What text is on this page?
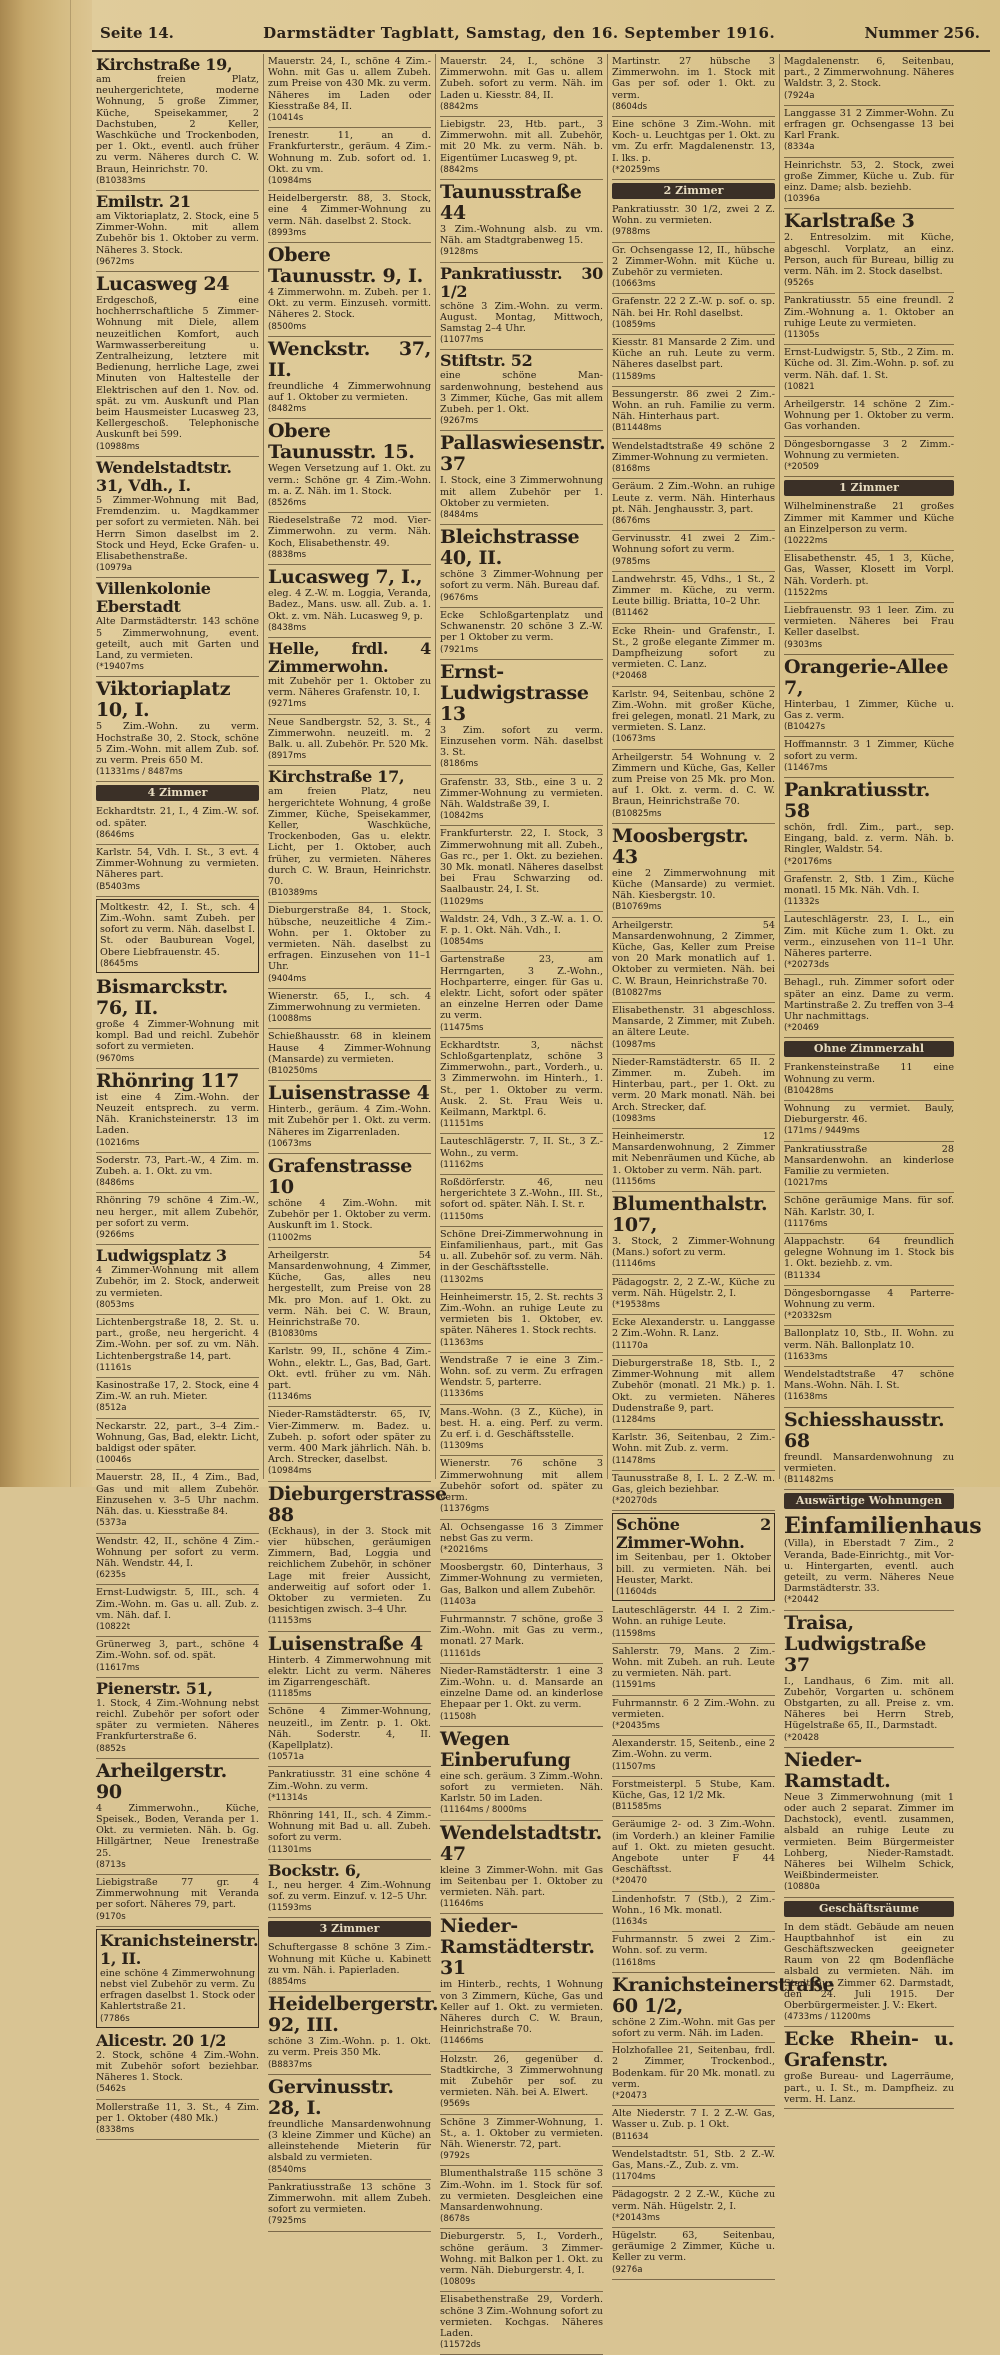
Seite 14.	Darmstädter Tagblatt, Samstag, den 16. September 1916.	Nummer 256.
Kirchstraße 19,
am freien Platz, neuhergerichtete, moderne Wohnung, 5 große Zimmer, Küche, Speisekammer, 2 Dachstuben, 2 Keller, Waschküche und Trockenboden, per 1. Okt., eventl. auch früher zu verm. Näheres durch C. W. Braun, Heinrichstr. 70.
(B10383ms
Emilstr. 21
am Viktoriaplatz, 2. Stock, eine 5 Zimmer-Wohn. mit allem Zubehör bis 1. Oktober zu verm. Näheres 3. Stock.
(9672ms
Lucasweg 24
Erdgeschoß, eine hochherrschaftliche 5 Zimmer-Wohnung mit Diele, allem neuzeitlichen Komfort, auch Warmwasserbereitung u. Zentralheizung, letztere mit Bedienung, herrliche Lage, zwei Minuten von Haltestelle der Elektrischen auf den 1. Nov. od. spät. zu vm. Auskunft und Plan beim Hausmeister Lucasweg 23, Kellergeschoß. Telephonische Auskunft bei 599.
(10988ms
Wendelstadtstr. 31, Vdh., I.
5 Zimmer-Wohnung mit Bad, Fremdenzim. u. Magdkammer per sofort zu vermieten. Näh. bei Herrn Simon daselbst im 2. Stock und Heyd, Ecke Grafen- u. Elisabethenstraße.
(10979a
Villenkolonie Eberstadt
Alte Darmstädterstr. 143 schöne 5 Zimmerwohnung, event. geteilt, auch mit Garten und Land, zu vermieten.
(*19407ms
Viktoriaplatz 10, I.
5 Zim.-Wohn. zu verm. Hochstraße 30, 2. Stock, schöne 5 Zim.-Wohn. mit allem Zub. sof. zu verm. Preis 650 M.
(11331ms / 8487ms
4 Zimmer
Eckhardtstr. 21, I., 4 Zim.-W. sof. od. später.
(8646ms
Karlstr. 54, Vdh. I. St., 3 evt. 4 Zimmer-Wohnung zu vermieten. Näheres part.
(B5403ms
Moltkestr. 42, I. St., sch. 4 Zim.-Wohn. samt Zubeh. per sofort zu verm. Näh. daselbst I. St. oder Bauburean Vogel, Obere Liebfrauenstr. 45.
(8645ms
Bismarckstr. 76, II.
große 4 Zimmer-Wohnung mit kompl. Bad und reichl. Zubehör sofort zu vermieten.
(9670ms
Rhönring 117
ist eine 4 Zim.-Wohn. der Neuzeit entsprech. zu verm. Näh. Kranichsteinerstr. 13 im Laden.
(10216ms
Soderstr. 73, Part.-W., 4 Zim. m. Zubeh. a. 1. Okt. zu vm.
(8486ms
Rhönring 79 schöne 4 Zim.-W., neu herger., mit allem Zubehör, per sofort zu verm.
(9266ms
Ludwigsplatz 3
4 Zimmer-Wohnung mit allem Zubehör, im 2. Stock, anderweit zu vermieten.
(8053ms
Lichtenbergstraße 18, 2. St. u. part., große, neu hergericht. 4 Zim.-Wohn. per sof. zu vm. Näh. Lichtenbergstraße 14, part.
(11161s
Kasinostraße 17, 2. Stock, eine 4 Zim.-W. an ruh. Mieter.
(8512a
Neckarstr. 22, part., 3–4 Zim.-Wohnung, Gas, Bad, elektr. Licht, baldigst oder später.
(10046s
Mauerstr. 28, II., 4 Zim., Bad, Gas und mit allem Zubehör. Einzusehen v. 3–5 Uhr nachm. Näh. das. u. Kiesstraße 84.
(5373a
Wendstr. 42, II., schöne 4 Zim.-Wohnung per sofort zu verm. Näh. Wendstr. 44, I.
(6235s
Ernst-Ludwigstr. 5, III., sch. 4 Zim.-Wohn. m. Gas u. all. Zub. z. vm. Näh. daf. I.
(10822t
Grünerweg 3, part., schöne 4 Zim.-Wohn. sof. od. spät.
(11617ms
Pienerstr. 51,
1. Stock, 4 Zim.-Wohnung nebst reichl. Zubehör per sofort oder später zu vermieten. Näheres Frankfurterstraße 6.
(8852s
Arheilgerstr. 90
4 Zimmerwohn., Küche, Speisek., Boden, Veranda per 1. Okt. zu vermieten. Näh. b. Gg. Hillgärtner, Neue Irenestraße 25.
(8713s
Liebigstraße 77 gr. 4 Zimmerwohnung mit Veranda per sofort. Näheres 79, part.
(9170s
Kranichsteinerstr. 1, II.
eine schöne 4 Zimmerwohnung nebst viel Zubehör zu verm. Zu erfragen daselbst 1. Stock oder Kahlertstraße 21.
(7786s
Alicestr. 20 1/2
2. Stock, schöne 4 Zim.-Wohn. mit Zubehör sofort beziehbar. Näheres 1. Stock.
(5462s
Mollerstraße 11, 3. St., 4 Zim. per 1. Oktober (480 Mk.)
(8338ms
Mauerstr. 24, I., schöne 4 Zim.-Wohn. mit Gas u. allem Zubeh. zum Preise von 430 Mk. zu verm. Näheres im Laden oder Kiesstraße 84, II.
(10414s
Irenestr. 11, an d. Frankfurterstr., geräum. 4 Zim.-Wohnung m. Zub. sofort od. 1. Okt. zu vm.
(10984ms
Heidelbergerstr. 88, 3. Stock, eine 4 Zimmer-Wohnung zu verm. Näh. daselbst 2. Stock.
(8993ms
Obere Taunusstr. 9, I.
4 Zimmerwohn. m. Zubeh. per 1. Okt. zu verm. Einzuseh. vormitt. Näheres 2. Stock.
(8500ms
Wenckstr. 37, II.
freundliche 4 Zimmerwohnung auf 1. Oktober zu vermieten.
(8482ms
Obere Taunusstr. 15.
Wegen Versetzung auf 1. Okt. zu verm.: Schöne gr. 4 Zim.-Wohn. m. a. Z. Näh. im 1. Stock.
(8526ms
Riedeselstraße 72 mod. Vier-Zimmerwohn. zu verm. Näh. Koch, Elisabethenstr. 49.
(8838ms
Lucasweg 7, I.,
eleg. 4 Z.-W. m. Loggia, Veranda, Badez., Mans. usw. all. Zub. a. 1. Okt. z. vm. Näh. Lucasweg 9, p.
(8438ms
Helle, frdl. 4 Zimmerwohn.
mit Zubehör per 1. Oktober zu verm. Näheres Grafenstr. 10, I.
(9271ms
Neue Sandbergstr. 52, 3. St., 4 Zimmerwohn. neuzeitl. m. 2 Balk. u. all. Zubehör. Pr. 520 Mk.
(8917ms
Kirchstraße 17,
am freien Platz, neu hergerichtete Wohnung, 4 große Zimmer, Küche, Speisekammer, Keller, Waschküche, Trockenboden, Gas u. elektr. Licht, per 1. Oktober, auch früher, zu vermieten. Näheres durch C. W. Braun, Heinrichstr. 70.
(B10389ms
Dieburgerstraße 84, 1. Stock, hübsche, neuzeitliche 4 Zim.-Wohn. per 1. Oktober zu vermieten. Näh. daselbst zu erfragen. Einzusehen von 11–1 Uhr.
(9404ms
Wienerstr. 65, I., sch. 4 Zimmerwohnung zu vermieten.
(10088ms
Schießhausstr. 68 in kleinem Hause 4 Zimmer-Wohnung (Mansarde) zu vermieten.
(B10250ms
Luisenstrasse 4
Hinterb., geräum. 4 Zim.-Wohn. mit Zubehör per 1. Okt. zu verm. Näheres im Zigarrenladen.
(10673ms
Grafenstrasse 10
schöne 4 Zim.-Wohn. mit Zubehör per 1. Oktober zu verm. Auskunft im 1. Stock.
(11002ms
Arheilgerstr. 54 Mansardenwohnung, 4 Zimmer, Küche, Gas, alles neu hergestellt, zum Preise von 28 Mk. pro Mon. auf 1. Okt. zu verm. Näh. bei C. W. Braun, Heinrichstraße 70.
(B10830ms
Karlstr. 99, II., schöne 4 Zim.-Wohn., elektr. L., Gas, Bad, Gart. Okt. evtl. früher zu vm. Näh. part.
(11346ms
Nieder-Ramstädterstr. 65, IV, Vier-Zimmerw. m. Badez. u. Zubeh. p. sofort oder später zu verm. 400 Mark jährlich. Näh. b. Arch. Strecker, daselbst.
(10984ms
Dieburgerstrasse 88
(Eckhaus), in der 3. Stock mit vier hübschen, geräumigen Zimmern, Bad, Loggia und reichlichem Zubehör, in schöner Lage mit freier Aussicht, anderweitig auf sofort oder 1. Oktober zu vermieten. Zu besichtigen zwisch. 3–4 Uhr.
(11153ms
Luisenstraße 4
Hinterb. 4 Zimmerwohnung mit elektr. Licht zu verm. Näheres im Zigarrengeschäft.
(11185ms
Schöne 4 Zimmer-Wohnung, neuzeitl., im Zentr. p. 1. Okt. Näh. Soderstr. 4, II. (Kapellplatz).
(10571a
Pankratiusstr. 31 eine schöne 4 Zim.-Wohn. zu verm.
(*11314s
Rhönring 141, II., sch. 4 Zimm.-Wohnung mit Bad u. all. Zubeh. sofort zu verm.
(11301ms
Bockstr. 6,
I., neu herger. 4 Zim.-Wohnung sof. zu verm. Einzuf. v. 12–5 Uhr.
(11593ms
3 Zimmer
Schuftergasse 8 schöne 3 Zim.-Wohnung mit Küche u. Kabinett zu vm. Näh. i. Papierladen.
(8854ms
Heidelbergerstr. 92, III.
schöne 3 Zim.-Wohn. p. 1. Okt. zu verm. Preis 350 Mk.
(B8837ms
Gervinusstr. 28, I.
freundliche Mansardenwohnung (3 kleine Zimmer und Küche) an alleinstehende Mieterin für alsbald zu vermieten.
(8540ms
Pankratiusstraße 13 schöne 3 Zimmerwohn. mit allem Zubeh. sofort zu vermieten.
(7925ms
Mauerstr. 24, I., schöne 3 Zimmerwohn. mit Gas u. allem Zubeh. sofort zu verm. Näh. im Laden u. Kiesstr. 84, II.
(8842ms
Liebigstr. 23, Htb. part., 3 Zimmerwohn. mit all. Zubehör, mit 20 Mk. zu verm. Näh. b. Eigentümer Lucasweg 9, pt.
(8842ms
Taunusstraße 44
3 Zim.-Wohnung alsb. zu vm. Näh. am Stadtgrabenweg 15.
(9128ms
Pankratiusstr. 30 1/2
schöne 3 Zim.-Wohn. zu verm. August. Montag, Mittwoch, Samstag 2–4 Uhr.
(11077ms
Stiftstr. 52
eine schöne Mansardenwohnung, bestehend aus 3 Zimmer, Küche, Gas mit allem Zubeh. per 1. Okt.
(9267ms
Pallaswiesenstr. 37
I. Stock, eine 3 Zimmerwohnung mit allem Zubehör per 1. Oktober zu vermieten.
(8484ms
Bleichstrasse 40, II.
schöne 3 Zimmer-Wohnung per sofort zu verm. Näh. Bureau daf.
(9676ms
Ecke Schloßgartenplatz und Schwanenstr. 20 schöne 3 Z.-W. per 1 Oktober zu verm.
(7921ms
Ernst-Ludwigstrasse 13
3 Zim. sofort zu verm. Einzusehen vorm. Näh. daselbst 3. St.
(8186ms
Grafenstr. 33, Stb., eine 3 u. 2 Zimmer-Wohnung zu vermieten. Näh. Waldstraße 39, I.
(10842ms
Frankfurterstr. 22, I. Stock, 3 Zimmerwohnung mit all. Zubeh., Gas rc., per 1. Okt. zu beziehen. 30 Mk. monatl. Näheres daselbst bei Frau Schwarzing od. Saalbaustr. 24, I. St.
(11029ms
Waldstr. 24, Vdh., 3 Z.-W. a. 1. O. F. p. 1. Okt. Näh. Vdh., I.
(10854ms
Gartenstraße 23, am Herrngarten, 3 Z.-Wohn., Hochparterre, einger. für Gas u. elektr. Licht, sofort oder später an einzelne Herren oder Dame zu verm.
(11475ms
Eckhardtstr. 3, nächst Schloßgartenplatz, schöne 3 Zimmerwohn., part., Vorderh., u. 3 Zimmerwohn. im Hinterh., 1. St., per 1. Oktober zu verm. Ausk. 2. St. Frau Weis u. Keilmann, Marktpl. 6.
(11151ms
Lauteschlägerstr. 7, II. St., 3 Z.-Wohn., zu verm.
(11162ms
Roßdörferstr. 46, neu hergerichtete 3 Z.-Wohn., III. St., sofort od. später. Näh. I. St. r.
(11150ms
Schöne Drei-Zimmerwohnung in Einfamilienhaus, part., mit Gas u. all. Zubehör sof. zu verm. Näh. in der Geschäftsstelle.
(11302ms
Heinheimerstr. 15, 2. St. rechts 3 Zim.-Wohn. an ruhige Leute zu vermieten bis 1. Oktober, ev. später. Näheres 1. Stock rechts.
(11363ms
Wendstraße 7 ie eine 3 Zim.-Wohn. sof. zu verm. Zu erfragen Wendstr. 5, parterre.
(11336ms
Mans.-Wohn. (3 Z., Küche), in best. H. a. eing. Perf. zu verm. Zu erf. i. d. Geschäftsstelle.
(11309ms
Wienerstr. 76 schöne 3 Zimmerwohnung mit allem Zubehör sofort od. später zu verm.
(11376gms
Al. Ochsengasse 16 3 Zimmer nebst Gas zu verm.
(*20216ms
Moosbergstr. 60, Dinterhaus, 3 Zimmer-Wohnung zu vermieten, Gas, Balkon und allem Zubehör.
(11403a
Fuhrmannstr. 7 schöne, große 3 Zim.-Wohn. mit Gas zu verm., monatl. 27 Mark.
(11161ds
Nieder-Ramstädterstr. 1 eine 3 Zim.-Wohn. u. d. Mansarde an einzelne Dame od. an kinderlose Ehepaar per 1. Okt. zu verm.
(11508h
Wegen Einberufung
eine sch. geräum. 3 Zimm.-Wohn. sofort zu vermieten. Näh. Karlstr. 50 im Laden.
(11164ms / 8000ms
Wendelstadtstr. 47
kleine 3 Zimmer-Wohn. mit Gas im Seitenbau per 1. Oktober zu vermieten. Näh. part.
(11646ms
Nieder-Ramstädterstr. 31
im Hinterb., rechts, 1 Wohnung von 3 Zimmern, Küche, Gas und Keller auf 1. Okt. zu vermieten. Näheres durch C. W. Braun, Heinrichstraße 70.
(11466ms
Holzstr. 26, gegenüber d. Stadtkirche, 3 Zimmerwohnung mit Zubehör per sof. zu vermieten. Näh. bei A. Elwert.
(9569s
Schöne 3 Zimmer-Wohnung, 1. St., a. 1. Oktober zu vermieten. Näh. Wienerstr. 72, part.
(9792s
Blumenthalstraße 115 schöne 3 Zim.-Wohn. im 1. Stock für sof. zu vermieten. Desgleichen eine Mansardenwohnung.
(8678s
Dieburgerstr. 5, I., Vorderh., schöne geräum. 3 Zimmer-Wohng. mit Balkon per 1. Okt. zu verm. Näh. Dieburgerstr. 4, I.
(10809s
Elisabethenstraße 29, Vorderh. schöne 3 Zim.-Wohnung sofort zu vermieten. Kochgas. Näheres Laden.
(11572ds
Martinstr. 27 hübsche 3 Zimmerwohn. im 1. Stock mit Gas per sof. oder 1. Okt. zu verm.
(8604ds
Eine schöne 3 Zim.-Wohn. mit Koch- u. Leuchtgas per 1. Okt. zu vm. Zu erfr. Magdalenenstr. 13, I. lks. p.
(*20259ms
2 Zimmer
Pankratiusstr. 30 1/2, zwei 2 Z. Wohn. zu vermieten.
(9788ms
Gr. Ochsengasse 12, II., hübsche 2 Zimmer-Wohn. mit Küche u. Zubehör zu vermieten.
(10663ms
Grafenstr. 22 2 Z.-W. p. sof. o. sp. Näh. bei Hr. Rohl daselbst.
(10859ms
Kiesstr. 81 Mansarde 2 Zim. und Küche an ruh. Leute zu verm. Näheres daselbst part.
(11589ms
Bessungerstr. 86 zwei 2 Zim.-Wohn. an ruh. Familie zu verm. Näh. Hinterhaus part.
(B11448ms
Wendelstadtstraße 49 schöne 2 Zimmer-Wohnung zu vermieten.
(8168ms
Geräum. 2 Zim.-Wohn. an ruhige Leute z. verm. Näh. Hinterhaus pt. Näh. Jenghausstr. 3, part.
(8676ms
Gervinusstr. 41 zwei 2 Zim.-Wohnung sofort zu verm.
(9785ms
Landwehrstr. 45, Vdhs., 1 St., 2 Zimmer m. Küche, zu verm. Leute billig. Briatta, 10–2 Uhr.
(B11462
Ecke Rhein- und Grafenstr., I. St., 2 große elegante Zimmer m. Dampfheizung sofort zu vermieten. C. Lanz.
(*20468
Karlstr. 94, Seitenbau, schöne 2 Zim.-Wohn. mit großer Küche, frei gelegen, monatl. 21 Mark, zu vermieten. S. Lanz.
(10673ms
Arheilgerstr. 54 Wohnung v. 2 Zimmern und Küche, Gas, Keller zum Preise von 25 Mk. pro Mon. auf 1. Okt. z. verm. d. C. W. Braun, Heinrichstraße 70.
(B10825ms
Moosbergstr. 43
eine 2 Zimmerwohnung mit Küche (Mansarde) zu vermiet. Näh. Kiesbergstr. 10.
(B10769ms
Arheilgerstr. 54 Mansardenwohnung, 2 Zimmer, Küche, Gas, Keller zum Preise von 20 Mark monatlich auf 1. Oktober zu vermieten. Näh. bei C. W. Braun, Heinrichstraße 70.
(B10827ms
Elisabethenstr. 31 abgeschloss. Mansarde, 2 Zimmer, mit Zubeh. an ältere Leute.
(10987ms
Nieder-Ramstädterstr. 65 II. 2 Zimmer. m. Zubeh. im Hinterbau, part., per 1. Okt. zu verm. 20 Mark monatl. Näh. bei Arch. Strecker, daf.
(10983ms
Heinheimerstr. 12 Mansardenwohnung, 2 Zimmer mit Nebenräumen und Küche, ab 1. Oktober zu verm. Näh. part.
(11156ms
Blumenthalstr. 107,
3. Stock, 2 Zimmer-Wohnung (Mans.) sofort zu verm.
(11146ms
Pädagogstr. 2, 2 Z.-W., Küche zu verm. Näh. Hügelstr. 2, I.
(*19538ms
Ecke Alexanderstr. u. Langgasse 2 Zim.-Wohn. R. Lanz.
(11170a
Dieburgerstraße 18, Stb. I., 2 Zimmer-Wohnung mit allem Zubehör (monatl. 21 Mk.) p. 1. Okt. zu vermieten. Näheres Dudenstraße 9, part.
(11284ms
Karlstr. 36, Seitenbau, 2 Zim.-Wohn. mit Zub. z. verm.
(11478ms
Taunusstraße 8, I. L. 2 Z.-W. m. Gas, gleich beziehbar.
(*20270ds
Schöne 2 Zimmer-Wohn.
im Seitenbau, per 1. Oktober bill. zu vermieten. Näh. bei Heuster, Markt.
(11604ds
Lauteschlägerstr. 44 I. 2 Zim.-Wohn. an ruhige Leute.
(11598ms
Sahlerstr. 79, Mans. 2 Zim.-Wohn. mit Zubeh. an ruh. Leute zu vermieten. Näh. part.
(11591ms
Fuhrmannstr. 6 2 Zim.-Wohn. zu vermieten.
(*20435ms
Alexanderstr. 15, Seitenb., eine 2 Zim.-Wohn. zu verm.
(11507ms
Forstmeisterpl. 5 Stube, Kam. Küche, Gas, 12 1/2 Mk.
(B11585ms
Geräumige 2- od. 3 Zim.-Wohn. (im Vorderh.) an kleiner Familie auf 1. Okt. zu mieten gesucht. Angebote unter F 44 Geschäftsst.
(*20470
Lindenhofstr. 7 (Stb.), 2 Zim.-Wohn., 16 Mk. monatl.
(11634s
Fuhrmannstr. 5 zwei 2 Zim.-Wohn. sof. zu verm.
(11618ms
Kranichsteinerstraße 60 1/2,
schöne 2 Zim.-Wohn. mit Gas per sofort zu verm. Näh. im Laden.
Holzhofallee 21, Seitenbau, frdl. 2 Zimmer, Trockenbod., Bodenkam. für 20 Mk. monatl. zu verm.
(*20473
Alte Niederstr. 7 I. 2 Z.-W. Gas, Wasser u. Zub. p. 1 Okt.
(B11634
Wendelstadtstr. 51, Stb. 2 Z.-W. Gas, Mans.-Z., Zub. z. vm.
(11704ms
Pädagogstr. 2 2 Z.-W., Küche zu verm. Näh. Hügelstr. 2, I.
(*20143ms
Hügelstr. 63, Seitenbau, geräumige 2 Zimmer, Küche u. Keller zu verm.
(9276a
Magdalenenstr. 6, Seitenbau, part., 2 Zimmerwohnung. Näheres Waldstr. 3, 2. Stock.
(7924a
Langgasse 31 2 Zimmer-Wohn. Zu erfragen gr. Ochsengasse 13 bei Karl Frank.
(8334a
Heinrichstr. 53, 2. Stock, zwei große Zimmer, Küche u. Zub. für einz. Dame; alsb. beziehb.
(10396a
Karlstraße 3
2. Entresolzim. mit Küche, abgeschl. Vorplatz, an einz. Person, auch für Bureau, billig zu verm. Näh. im 2. Stock daselbst.
(9526s
Pankratiusstr. 55 eine freundl. 2 Zim.-Wohnung a. 1. Oktober an ruhige Leute zu vermieten.
(11305s
Ernst-Ludwigstr. 5, Stb., 2 Zim. m. Küche od. 3l. Zim.-Wohn. p. sof. zu verm. Näh. daf. 1. St.
(10821
Arheilgerstr. 14 schöne 2 Zim.-Wohnung per 1. Oktober zu verm. Gas vorhanden.
Döngesborngasse 3 2 Zimm.-Wohnung zu vermieten.
(*20509
1 Zimmer
Wilhelminenstraße 21 großes Zimmer mit Kammer und Küche an Einzelperson zu verm.
(10222ms
Elisabethenstr. 45, 1 3, Küche, Gas, Wasser, Klosett im Vorpl. Näh. Vorderh. pt.
(11522ms
Liebfrauenstr. 93 1 leer. Zim. zu vermieten. Näheres bei Frau Keller daselbst.
(9303ms
Orangerie-Allee 7,
Hinterbau, 1 Zimmer, Küche u. Gas z. verm.
(B10427s
Hoffmannstr. 3 1 Zimmer, Küche sofort zu verm.
(11467ms
Pankratiusstr. 58
schön, frdl. Zim., part., sep. Eingang, bald. z. verm. Näh. b. Ringler, Waldstr. 54.
(*20176ms
Grafenstr. 2, Stb. 1 Zim., Küche monatl. 15 Mk. Näh. Vdh. I.
(11332s
Lauteschlägerstr. 23, I. L., ein Zim. mit Küche zum 1. Okt. zu verm., einzusehen von 11–1 Uhr. Näheres parterre.
(*20273ds
Behagl., ruh. Zimmer sofort oder später an einz. Dame zu verm. Martinstraße 2. Zu treffen von 3–4 Uhr nachmittags.
(*20469
Ohne Zimmerzahl
Frankensteinstraße 11 eine Wohnung zu verm.
(B10428ms
Wohnung zu vermiet. Bauly, Dieburgerstr. 46.
(171ms / 9449ms
Pankratiusstraße 28 Mansardenwohn. an kinderlose Familie zu vermieten.
(10217ms
Schöne geräumige Mans. für sof. Näh. Karlstr. 30, I.
(11176ms
Alappachstr. 64 freundlich gelegne Wohnung im 1. Stock bis 1. Okt. beziehb. z. vm.
(B11334
Döngesborngasse 4 Parterre-Wohnung zu verm.
(*20332sm
Ballonplatz 10, Stb., II. Wohn. zu verm. Näh. Ballonplatz 10.
(11633ms
Wendelstadtstraße 47 schöne Mans.-Wohn. Näh. I. St.
(11638ms
Schiesshausstr. 68
freundl. Mansardenwohnung zu vermieten.
(B11482ms
Auswärtige Wohnungen
Einfamilienhaus
(Villa), in Eberstadt 7 Zim., 2 Veranda, Bade-Einrichtg., mit Vor- u. Hintergarten, eventl. auch geteilt, zu verm. Näheres Neue Darmstädterstr. 33.
(*20442
Traisa, Ludwigstraße 37
I., Landhaus, 6 Zim. mit all. Zubehör, Vorgarten u. schönem Obstgarten, zu all. Preise z. vm. Näheres bei Herrn Streb, Hügelstraße 65, II., Darmstadt.
(*20428
Nieder-Ramstadt.
Neue 3 Zimmerwohnung (mit 1 oder auch 2 separat. Zimmer im Dachstock), eventl. zusammen, alsbald an ruhige Leute zu vermieten. Beim Bürgermeister Lohberg, Nieder-Ramstadt. Näheres bei Wilhelm Schick, Weißbindermeister.
(10880a
Geschäftsräume
In dem städt. Gebäude am neuen Hauptbahnhof ist ein zu Geschäftszwecken geeigneter Raum von 22 qm Bodenfläche alsbald zu vermieten. Näh. im Stadthaus Zimmer 62. Darmstadt, den 24. Juli 1915. Der Oberbürgermeister. J. V.: Ekert.
(4733ms / 11200ms
Ecke Rhein- u. Grafenstr.
große Bureau- und Lagerräume, part., u. I. St., m. Dampfheiz. zu verm. H. Lanz.
